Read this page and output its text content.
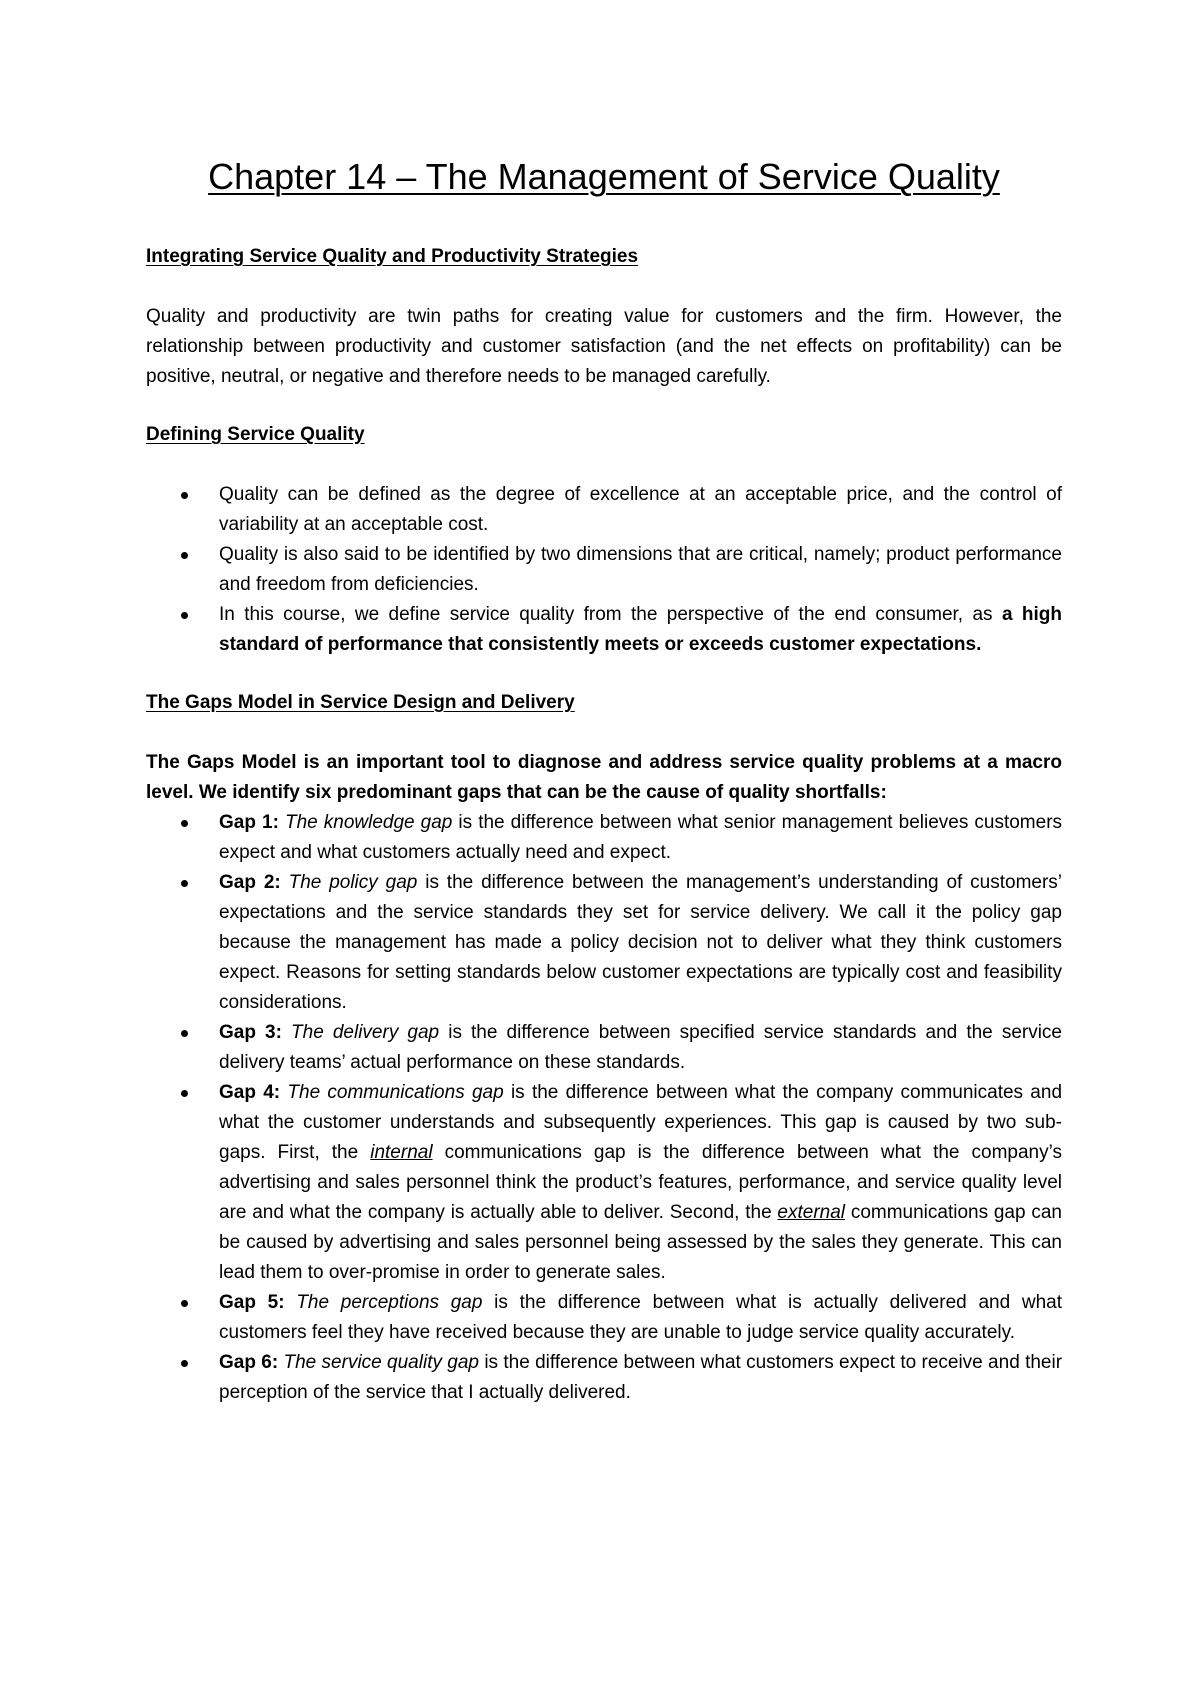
Chapter 14 – The Management of Service Quality
Integrating Service Quality and Productivity Strategies

Quality and productivity are twin paths for creating value for customers and the firm. However, the relationship between productivity and customer satisfaction (and the net effects on profitability) can be positive, neutral, or negative and therefore needs to be managed carefully.

Defining Service Quality
Quality can be defined as the degree of excellence at an acceptable price, and the control of variability at an acceptable cost.
Quality is also said to be identified by two dimensions that are critical, namely; product performance and freedom from deficiencies.
In this course, we define service quality from the perspective of the end consumer, as a high standard of performance that consistently meets or exceeds customer expectations.
The Gaps Model in Service Design and Delivery

The Gaps Model is an important tool to diagnose and address service quality problems at a macro level. We identify six predominant gaps that can be the cause of quality shortfalls:

Gap 1: The knowledge gap is the difference between what senior management believes customers expect and what customers actually need and expect.
Gap 2: The policy gap is the difference between the management’s understanding of customers’ expectations and the service standards they set for service delivery. We call it the policy gap because the management has made a policy decision not to deliver what they think customers expect. Reasons for setting standards below customer expectations are typically cost and feasibility considerations.
Gap 3: The delivery gap is the difference between specified service standards and the service delivery teams’ actual performance on these standards.
Gap 4: The communications gap is the difference between what the company communicates and what the customer understands and subsequently experiences. This gap is caused by two sub-gaps. First, the internal communications gap is the difference between what the company’s advertising and sales personnel think the product’s features, performance, and service quality level are and what the company is actually able to deliver. Second, the external communications gap can be caused by advertising and sales personnel being assessed by the sales they generate. This can lead them to over-promise in order to generate sales.
Gap 5: The perceptions gap is the difference between what is actually delivered and what customers feel they have received because they are unable to judge service quality accurately.
Gap 6: The service quality gap is the difference between what customers expect to receive and their perception of the service that I actually delivered.
